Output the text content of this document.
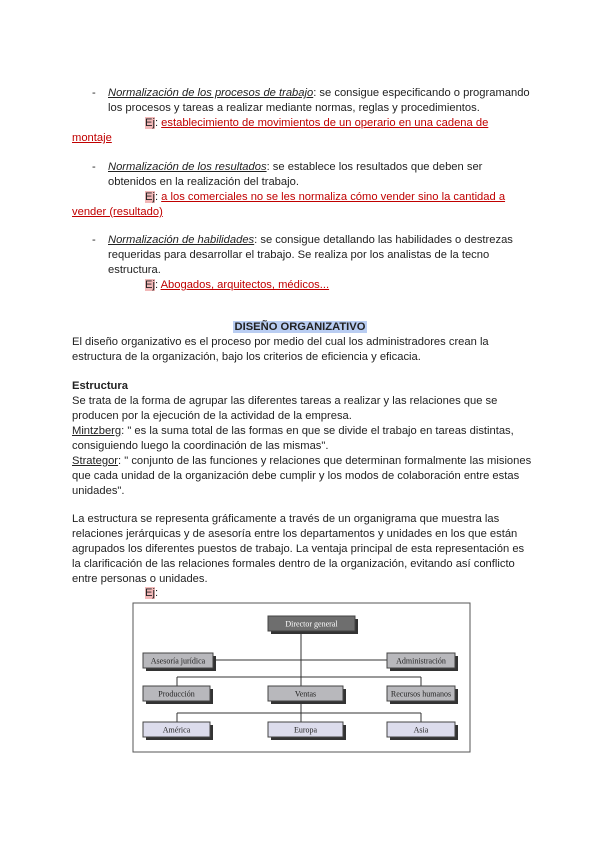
- Normalización de los procesos de trabajo: se consigue especificando o programando
los procesos y tareas a realizar mediante normas, reglas y procedimientos.
Ej: establecimiento de movimientos de un operario en una cadena de
montaje
- Normalización de los resultados: se establece los resultados que deben ser
obtenidos en la realización del trabajo.
Ej: a los comerciales no se les normaliza cómo vender sino la cantidad a
vender (resultado)
- Normalización de habilidades: se consigue detallando las habilidades o destrezas
requeridas para desarrollar el trabajo. Se realiza por los analistas de la tecno
estructura.
Ej: Abogados, arquitectos, médicos...
DISEÑO ORGANIZATIVO
El diseño organizativo es el proceso por medio del cual los administradores crean la
estructura de la organización, bajo los criterios de eficiencia y eficacia.
Estructura
Se trata de la forma de agrupar las diferentes tareas a realizar y las relaciones que se
producen por la ejecución de la actividad de la empresa.
Mintzberg: " es la suma total de las formas en que se divide el trabajo en tareas distintas,
consiguiendo luego la coordinación de las mismas".
Strategor: " conjunto de las funciones y relaciones que determinan formalmente las misiones
que cada unidad de la organización debe cumplir y los modos de colaboración entre estas
unidades".
La estructura se representa gráficamente a través de un organigrama que muestra las
relaciones jerárquicas y de asesoría entre los departamentos y unidades en los que están
agrupados los diferentes puestos de trabajo. La ventaja principal de esta representación es
la clarificación de las relaciones formales dentro de la organización, evitando así conflicto
entre personas o unidades.
Ej:
Director general
Asesoría jurídica	Administración
Producción	Ventas	Recursos humanos
América	Europa	Asia
